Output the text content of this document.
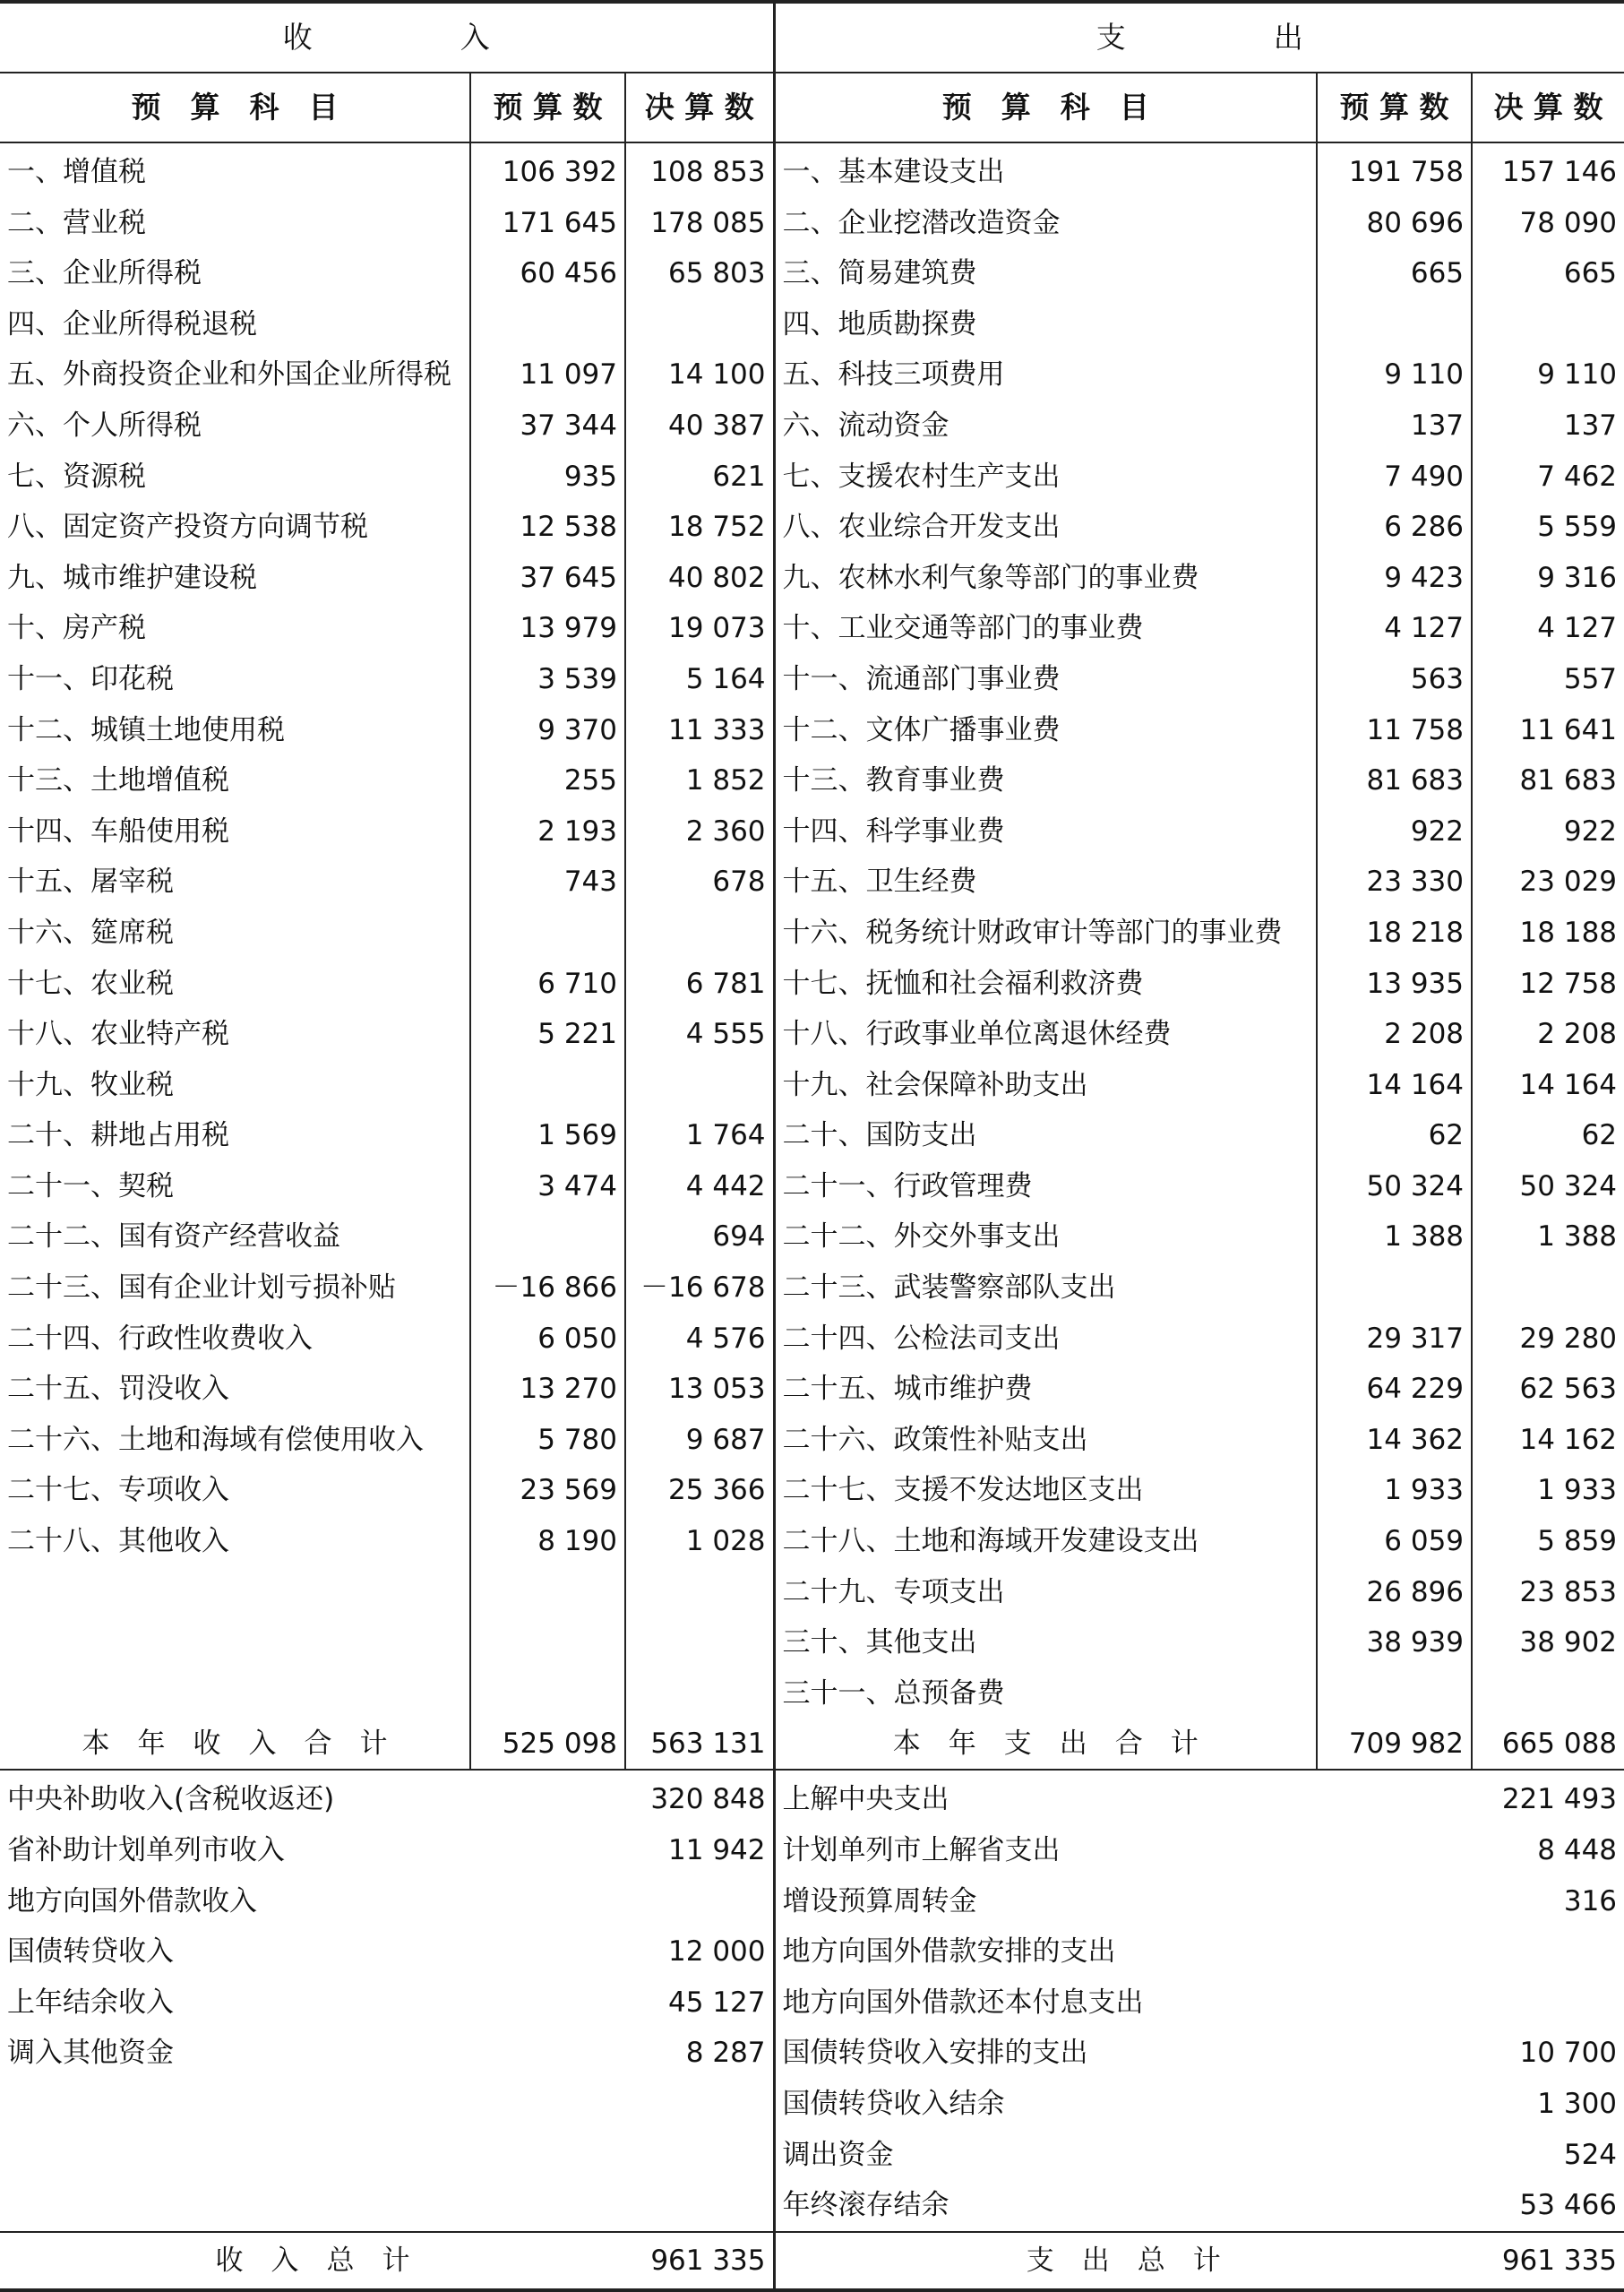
收　　　　　入			支　　　　　出		
预　算　科　目	预 算 数	决 算 数	预　算　科　目	预 算 数	决 算 数
一、增值税	106 392	108 853	一、基本建设支出	191 758	157 146
二、营业税	171 645	178 085	二、企业挖潜改造资金	80 696	78 090
三、企业所得税	60 456	65 803	三、简易建筑费	665	665
四、企业所得税退税			四、地质勘探费		
五、外商投资企业和外国企业所得税	11 097	14 100	五、科技三项费用	9 110	9 110
六、个人所得税	37 344	40 387	六、流动资金	137	137
七、资源税	935	621	七、支援农村生产支出	7 490	7 462
八、固定资产投资方向调节税	12 538	18 752	八、农业综合开发支出	6 286	5 559
九、城市维护建设税	37 645	40 802	九、农林水利气象等部门的事业费	9 423	9 316
十、房产税	13 979	19 073	十、工业交通等部门的事业费	4 127	4 127
十一、印花税	3 539	5 164	十一、流通部门事业费	563	557
十二、城镇土地使用税	9 370	11 333	十二、文体广播事业费	11 758	11 641
十三、土地增值税	255	1 852	十三、教育事业费	81 683	81 683
十四、车船使用税	2 193	2 360	十四、科学事业费	922	922
十五、屠宰税	743	678	十五、卫生经费	23 330	23 029
十六、筵席税			十六、税务统计财政审计等部门的事业费	18 218	18 188
十七、农业税	6 710	6 781	十七、抚恤和社会福利救济费	13 935	12 758
十八、农业特产税	5 221	4 555	十八、行政事业单位离退休经费	2 208	2 208
十九、牧业税			十九、社会保障补助支出	14 164	14 164
二十、耕地占用税	1 569	1 764	二十、国防支出	62	62
二十一、契税	3 474	4 442	二十一、行政管理费	50 324	50 324
二十二、国有资产经营收益		694	二十二、外交外事支出	1 388	1 388
二十三、国有企业计划亏损补贴	－16 866	－16 678	二十三、武装警察部队支出		
二十四、行政性收费收入	6 050	4 576	二十四、公检法司支出	29 317	29 280
二十五、罚没收入	13 270	13 053	二十五、城市维护费	64 229	62 563
二十六、土地和海域有偿使用收入	5 780	9 687	二十六、政策性补贴支出	14 362	14 162
二十七、专项收入	23 569	25 366	二十七、支援不发达地区支出	1 933	1 933
二十八、其他收入	8 190	1 028	二十八、土地和海域开发建设支出	6 059	5 859
			二十九、专项支出	26 896	23 853
			三十、其他支出	38 939	38 902
			三十一、总预备费		
本　年　收　入　合　计	525 098	563 131	本　年　支　出　合　计	709 982	665 088
中央补助收入(含税收返还)		320 848	上解中央支出		221 493
省补助计划单列市收入		11 942	计划单列市上解省支出		8 448
地方向国外借款收入			增设预算周转金		316
国债转贷收入		12 000	地方向国外借款安排的支出		
上年结余收入		45 127	地方向国外借款还本付息支出		
调入其他资金		8 287	国债转贷收入安排的支出		10 700
			国债转贷收入结余		1 300
			调出资金		524
			年终滚存结余		53 466
收　入　总　计		961 335	支　出　总　计		961 335
